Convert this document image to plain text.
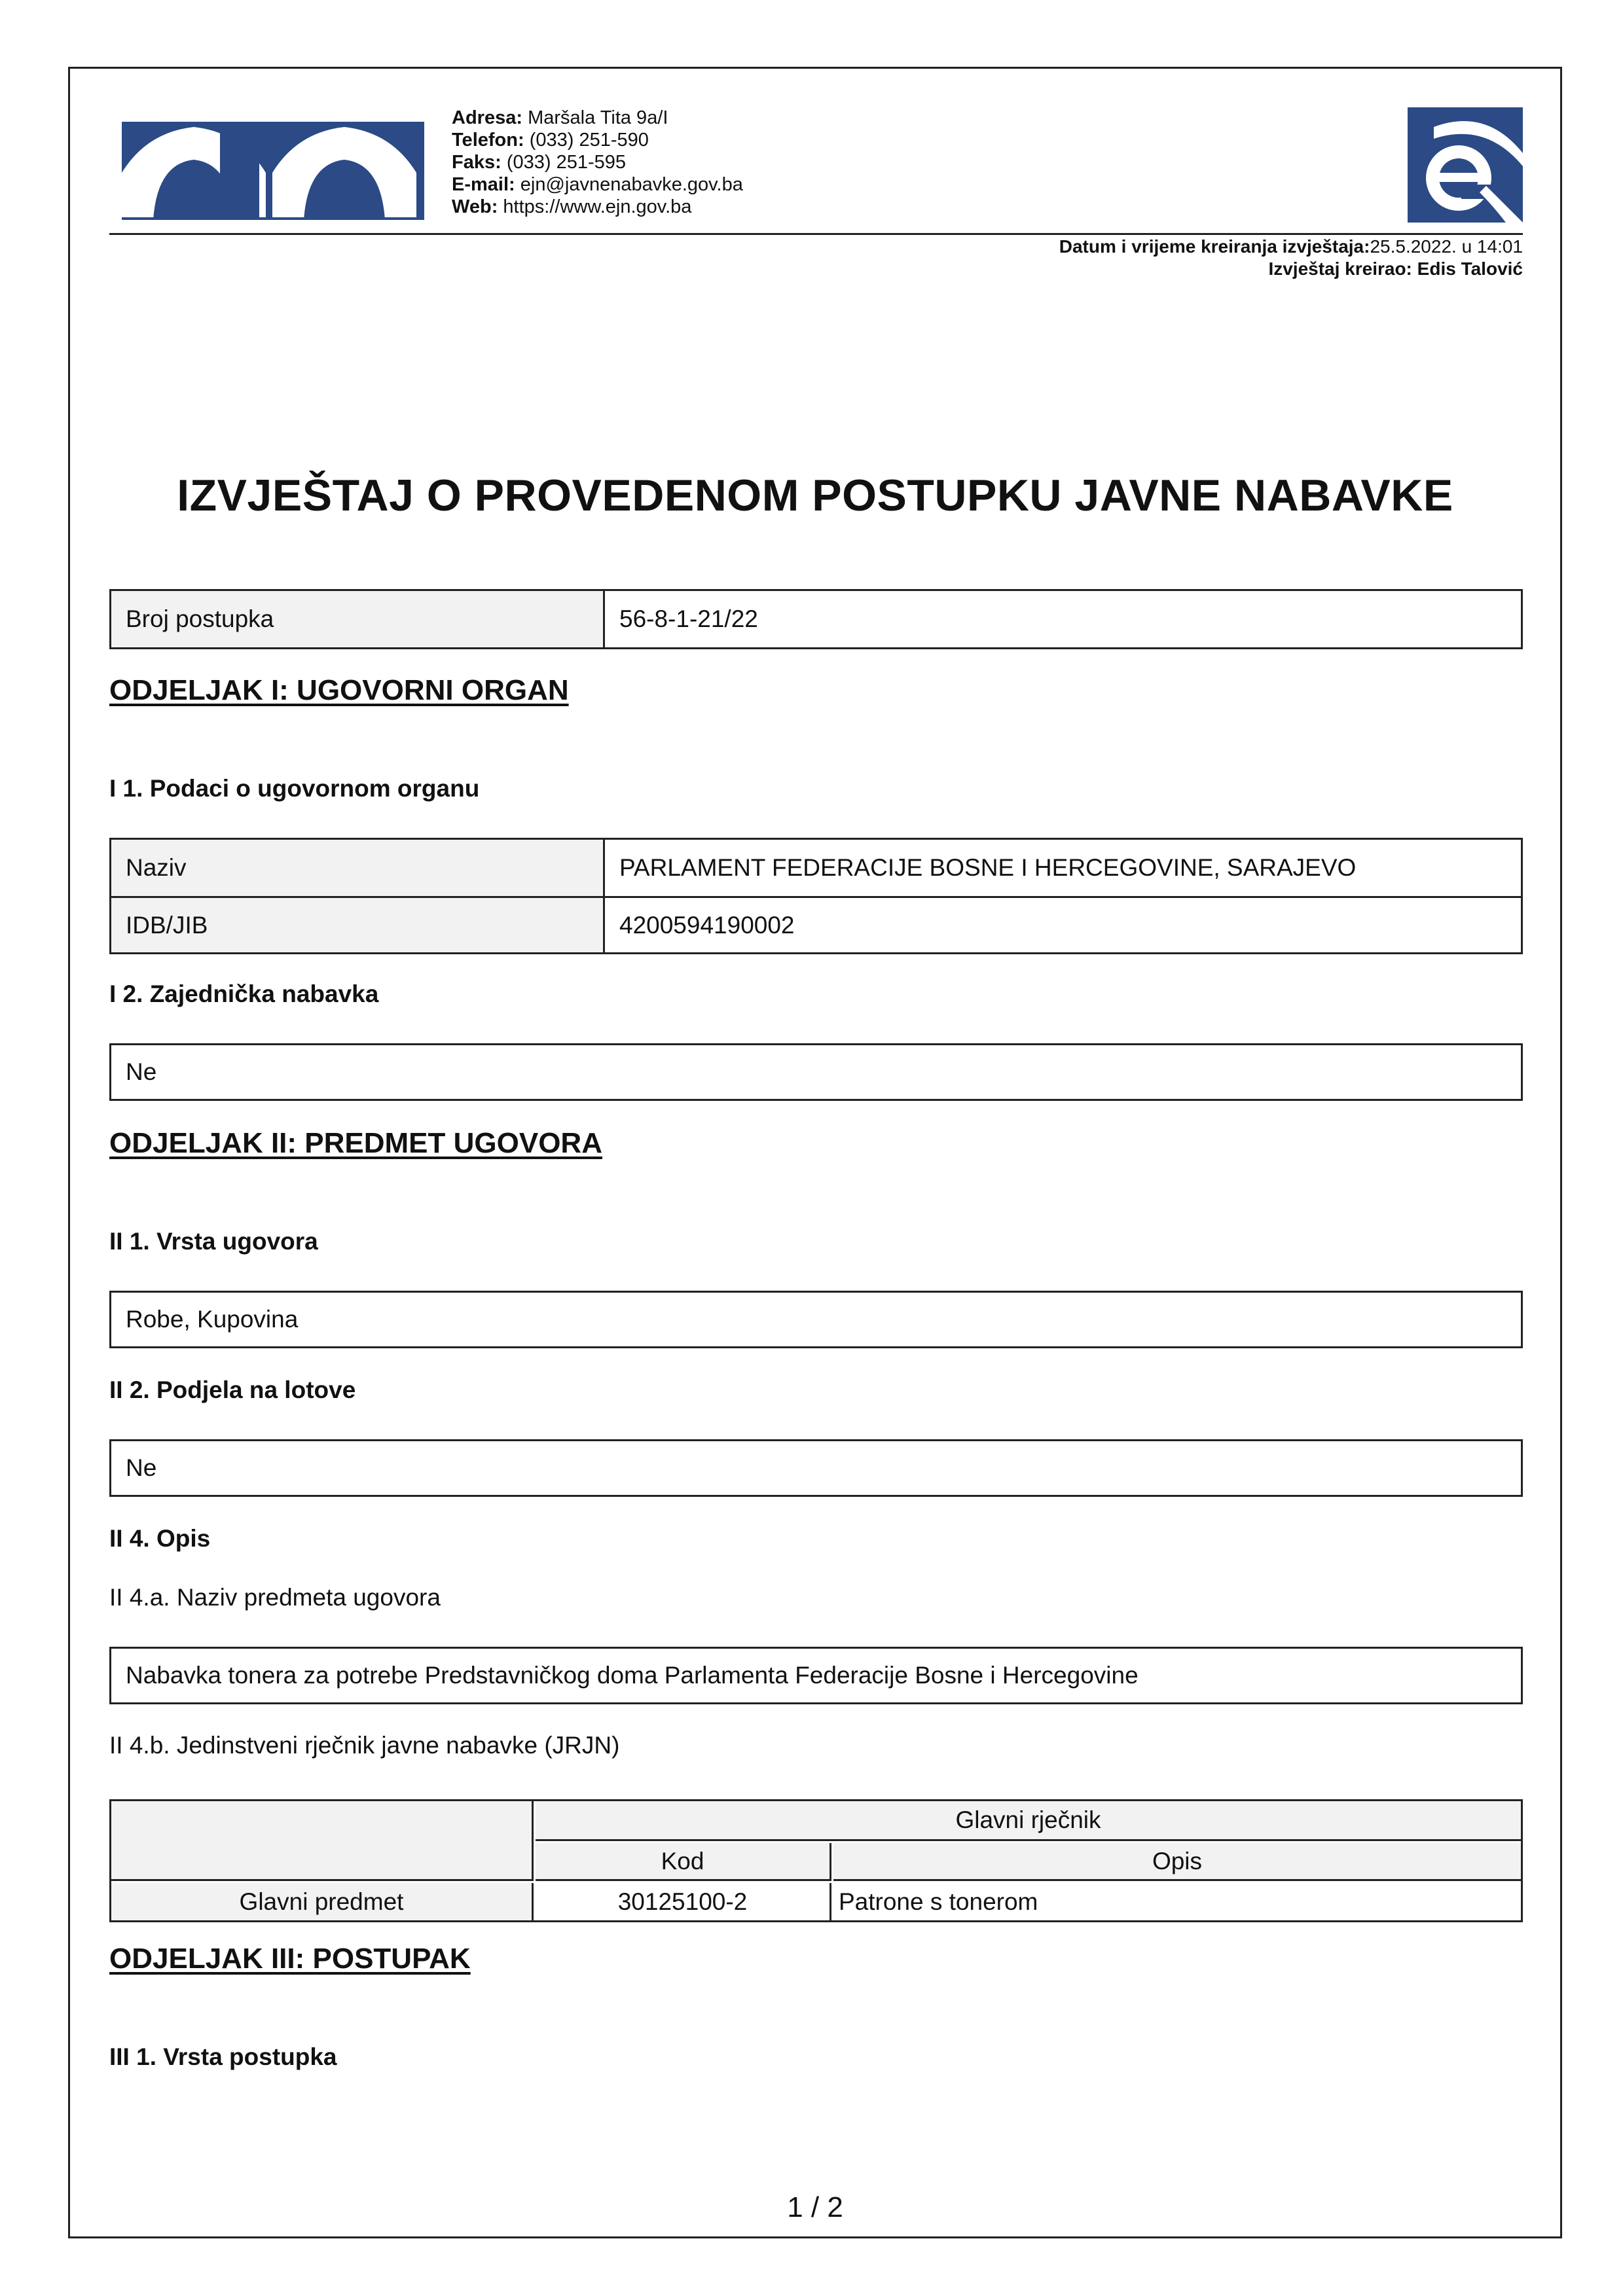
Adresa: Maršala Tita 9a/I
Telefon: (033) 251-590
Faks: (033) 251-595
E-mail: ejn@javnenabavke.gov.ba
Web: https://www.ejn.gov.ba
Datum i vrijeme kreiranja izvještaja:25.5.2022. u 14:01
Izvještaj kreirao: Edis Talović
IZVJEŠTAJ O PROVEDENOM POSTUPKU JAVNE NABAVKE
Broj postupka	56-8-1-21/22
ODJELJAK I: UGOVORNI ORGAN
I 1. Podaci o ugovornom organu
Naziv	PARLAMENT FEDERACIJE BOSNE I HERCEGOVINE, SARAJEVO
IDB/JIB	4200594190002
I 2. Zajednička nabavka
Ne
ODJELJAK II: PREDMET UGOVORA
II 1. Vrsta ugovora
Robe, Kupovina
II 2. Podjela na lotove
Ne
II 4. Opis
II 4.a. Naziv predmeta ugovora
Nabavka tonera za potrebe Predstavničkog doma Parlamenta Federacije Bosne i Hercegovine
II 4.b. Jedinstveni rječnik javne nabavke (JRJN)
Glavni rječnik
Kod	Opis
Glavni predmet	30125100-2	Patrone s tonerom
ODJELJAK III: POSTUPAK
III 1. Vrsta postupka
1 / 2
